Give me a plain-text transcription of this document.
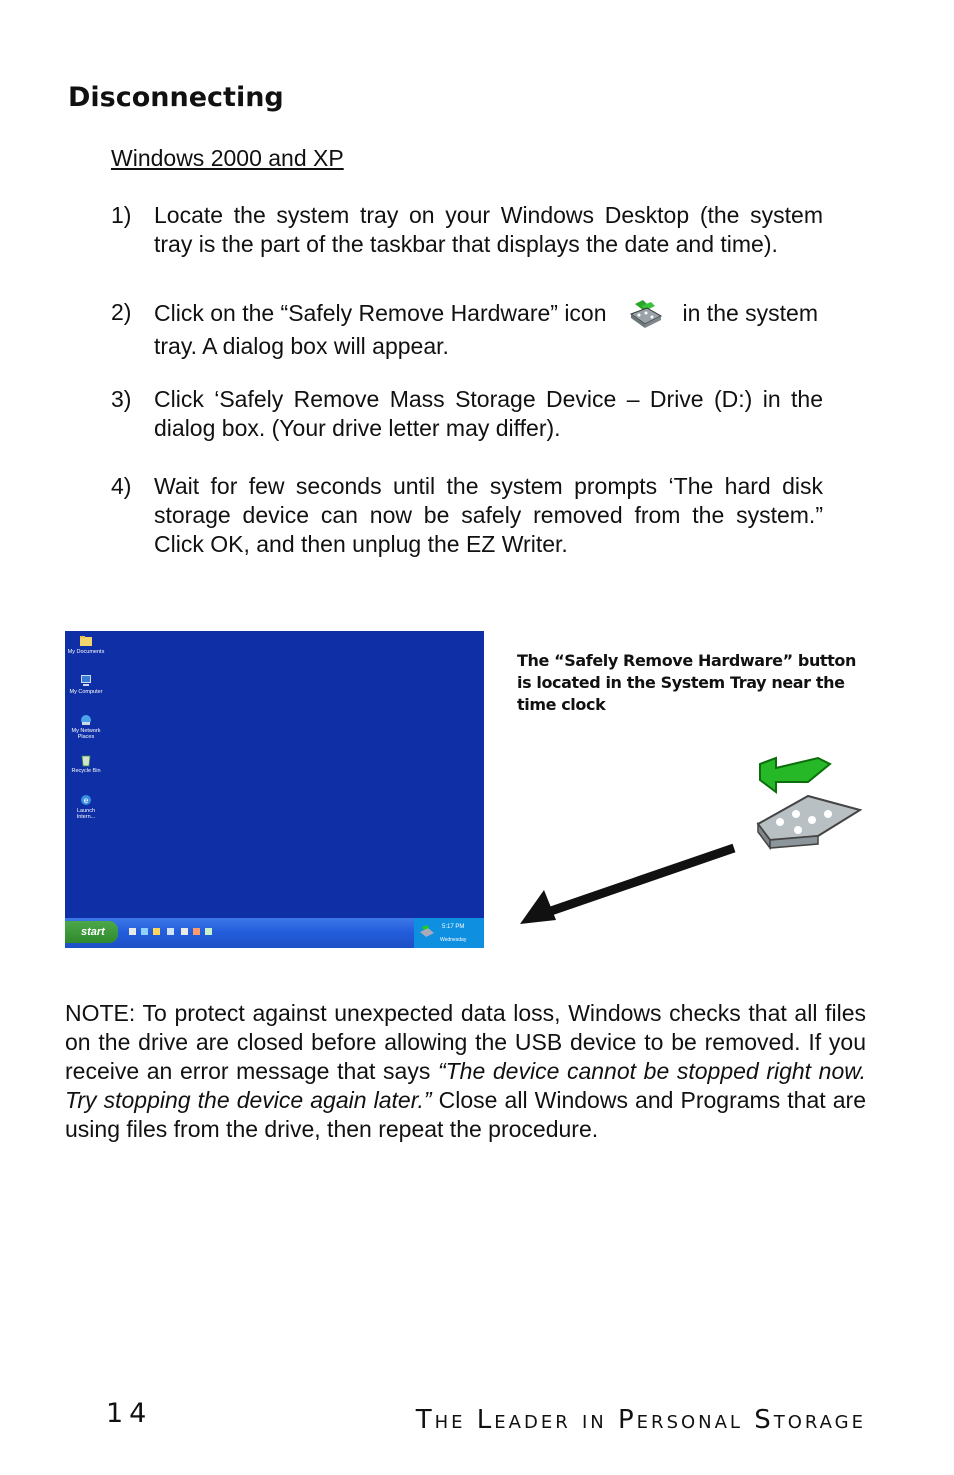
Disconnecting
Windows 2000 and XP
1) Locate the system tray on your Windows Desktop (the system tray is the part of the taskbar that displays the date and time).
2) Click on the “Safely Remove Hardware” icon	in the system tray. A dialog box will appear.
3) Click ‘Safely Remove Mass Storage Device – Drive (D:) in the dialog box. (Your drive letter may differ).
4) Wait for few seconds until the system prompts ‘The hard disk storage device can now be safely removed from the system.” Click OK, and then unplug the EZ Writer.
My Documents
My Computer
My Network Places
Recycle Bin
e
Launch Intern...
start	5:17 PM
Wednesday
The “Safely Remove Hardware” button is located in the System Tray near the time clock
NOTE: To protect against unexpected data loss, Windows checks that all files on the drive are closed before allowing the USB device to be removed. If you receive an error message that says “The device cannot be stopped right now. Try stopping the device again later.” Close all Windows and Programs that are using files from the drive, then repeat the procedure.
14	The Leader in Personal Storage
